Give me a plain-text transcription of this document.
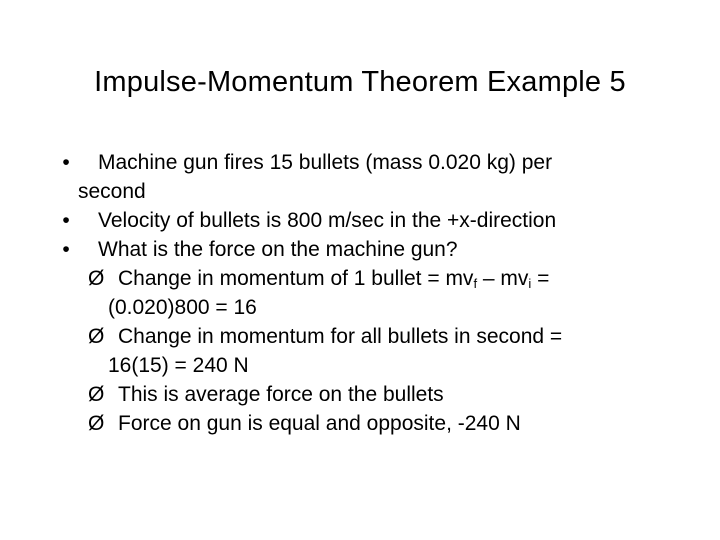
Impulse-Momentum Theorem Example 5
• Machine gun fires 15 bullets (mass 0.020 kg) per
second
• Velocity of bullets is 800 m/sec in the +x-direction
• What is the force on the machine gun?
Ø Change in momentum of 1 bullet = $mv_f - mv_i$ =

(0.020)800 = 16
Ø Change in momentum for all bullets in second =

16(15) = 240 N
Ø This is average force on the bullets
Ø Force on gun is equal and opposite, -240 N
